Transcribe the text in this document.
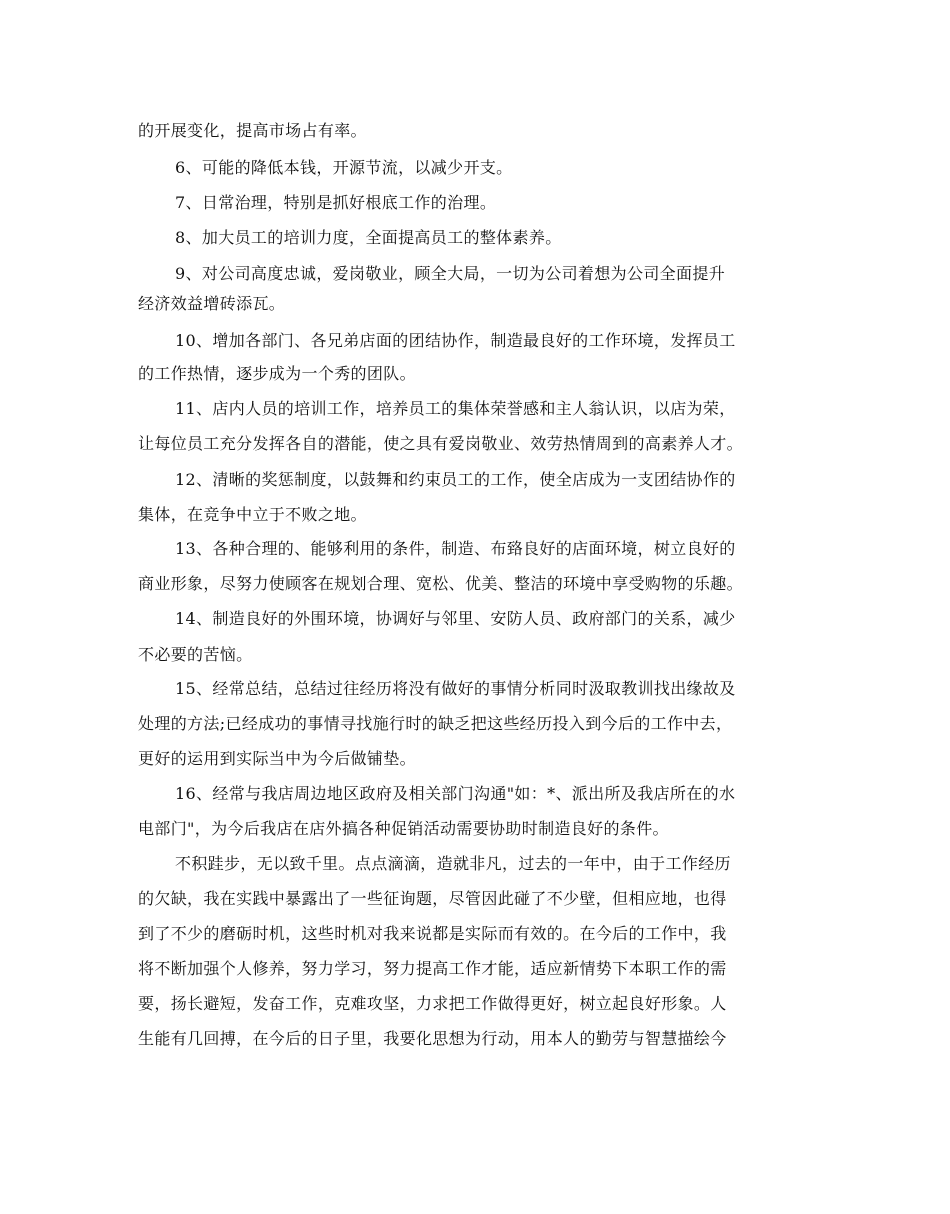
的开展变化，提高市场占有率。
6、可能的降低本钱，开源节流，以减少开支。
7、日常治理，特别是抓好根底工作的治理。
8、加大员工的培训力度，全面提高员工的整体素养。
9、对公司高度忠诚，爱岗敬业，顾全大局，一切为公司着想为公司全面提升
经济效益增砖添瓦。
10、增加各部门、各兄弟店面的团结协作，制造最良好的工作环境，发挥员工
的工作热情，逐步成为一个秀的团队。
11、店内人员的培训工作，培养员工的集体荣誉感和主人翁认识，以店为荣，
让每位员工充分发挥各自的潜能，使之具有爱岗敬业、效劳热情周到的高素养人才。
12、清晰的奖惩制度，以鼓舞和约束员工的工作，使全店成为一支团结协作的
集体，在竞争中立于不败之地。
13、各种合理的、能够利用的条件，制造、布臵良好的店面环境，树立良好的
商业形象，尽努力使顾客在规划合理、宽松、优美、整洁的环境中享受购物的乐趣。
14、制造良好的外围环境，协调好与邻里、安防人员、政府部门的关系，减少
不必要的苦恼。
15、经常总结，总结过往经历将没有做好的事情分析同时汲取教训找出缘故及
处理的方法;已经成功的事情寻找施行时的缺乏把这些经历投入到今后的工作中去，
更好的运用到实际当中为今后做铺垫。
16、经常与我店周边地区政府及相关部门沟通"如：*、派出所及我店所在的水
电部门"，为今后我店在店外搞各种促销活动需要协助时制造良好的条件。
不积跬步，无以致千里。点点滴滴，造就非凡，过去的一年中，由于工作经历
的欠缺，我在实践中暴露出了一些征询题，尽管因此碰了不少壁，但相应地，也得
到了不少的磨砺时机，这些时机对我来说都是实际而有效的。在今后的工作中，我
将不断加强个人修养，努力学习，努力提高工作才能，适应新情势下本职工作的需
要，扬长避短，发奋工作，克难攻坚，力求把工作做得更好，树立起良好形象。人
生能有几回搏，在今后的日子里，我要化思想为行动，用本人的勤劳与智慧描绘今
